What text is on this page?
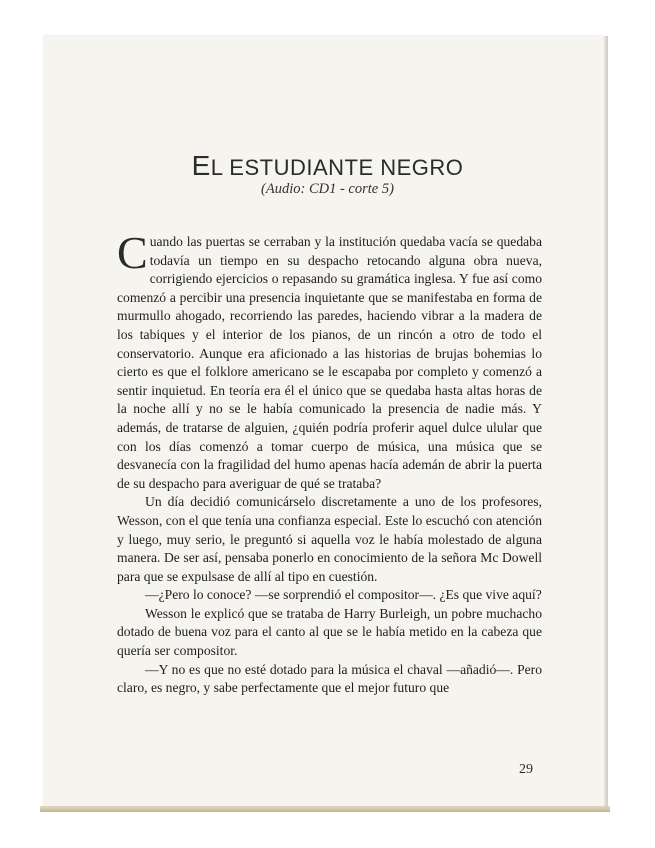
EL ESTUDIANTE NEGRO
(Audio: CD1 - corte 5)

Cuando las puertas se cerraban y la institución quedaba vacía se quedaba todavía un tiempo en su despacho retocando alguna obra nueva, corrigiendo ejercicios o repasando su gramática inglesa. Y fue así como comenzó a percibir una presencia inquietante que se manifestaba en forma de murmullo ahogado, recorriendo las paredes, haciendo vibrar a la madera de los tabiques y el interior de los pianos, de un rincón a otro de todo el conservatorio. Aunque era aficionado a las historias de brujas bohemias lo cierto es que el folklore americano se le escapaba por completo y comenzó a sentir inquietud. En teoría era él el único que se quedaba hasta altas horas de la noche allí y no se le había comunicado la presencia de nadie más. Y además, de tratarse de alguien, ¿quién podría proferir aquel dulce ulular que con los días comenzó a tomar cuerpo de música, una música que se desvanecía con la fragilidad del humo apenas hacía ademán de abrir la puerta de su despacho para averiguar de qué se trataba?

Un día decidió comunicárselo discretamente a uno de los profesores, Wesson, con el que tenía una confianza especial. Este lo escuchó con atención y luego, muy serio, le preguntó si aquella voz le había molestado de alguna manera. De ser así, pensaba ponerlo en conocimiento de la señora Mc Dowell para que se expulsase de allí al tipo en cuestión.

—¿Pero lo conoce? —se sorprendió el compositor—. ¿Es que vive aquí?

Wesson le explicó que se trataba de Harry Burleigh, un pobre muchacho dotado de buena voz para el canto al que se le había metido en la cabeza que quería ser compositor.

—Y no es que no esté dotado para la música el chaval —añadió—. Pero claro, es negro, y sabe perfectamente que el mejor futuro que

29
